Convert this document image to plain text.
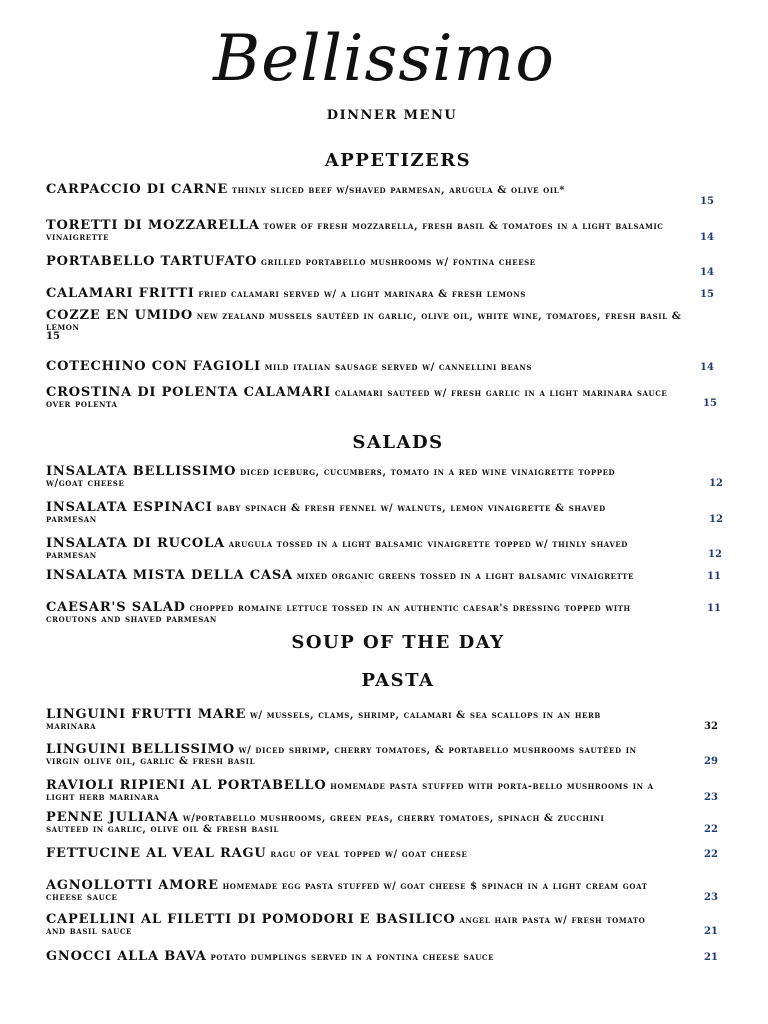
Bellissimo
DINNER MENU
APPETIZERS
CARPACCIO DI CARNE thinly sliced beef w/shaved parmesan, arugula & olive oil*
15
TORETTI DI MOZZARELLA tower of fresh mozzarella, fresh basil & tomatoes in a light balsamic vinaigrette	14
PORTABELLO TARTUFATO grilled portabello mushrooms w/ fontina cheese
14
CALAMARI FRITTI fried calamari served w/ a light marinara & fresh lemons	15
COZZE EN UMIDO new zealand mussels sautéed in garlic, olive oil, white wine, tomatoes, fresh basil & lemon
15
COTECHINO CON FAGIOLI mild italian sausage served w/ cannellini beans	14
CROSTINA DI POLENTA CALAMARI calamari sauteed w/ fresh garlic in a light marinara sauce over polenta	15
SALADS
INSALATA BELLISSIMO diced iceburg, cucumbers, tomato in a red wine vinaigrette topped w/goat cheese	12
INSALATA ESPINACI baby spinach & fresh fennel w/ walnuts, lemon vinaigrette & shaved parmesan	12
INSALATA DI RUCOLA arugula tossed in a light balsamic vinaigrette topped w/ thinly shaved parmesan	12
INSALATA MISTA DELLA CASA mixed organic greens tossed in a light balsamic vinaigrette	11
CAESAR'S SALAD chopped romaine lettuce tossed in an authentic caesar's dressing topped with croutons and shaved parmesan
11
SOUP OF THE DAY
PASTA
LINGUINI FRUTTI MARE w/ mussels, clams, shrimp, calamari & sea scallops in an herb marinara	32
LINGUINI BELLISSIMO w/ diced shrimp, cherry tomatoes, & portabello mushrooms sautéed in virgin olive oil, garlic & fresh basil	29
RAVIOLI RIPIENI AL PORTABELLO homemade pasta stuffed with porta-bello mushrooms in a light herb marinara	23
PENNE JULIANA w/portabello mushrooms, green peas, cherry tomatoes, spinach & zucchini sauteed in garlic, olive oil & fresh basil	22
FETTUCINE AL VEAL RAGU ragu of veal topped w/ goat cheese	22
AGNOLLOTTI AMORE homemade egg pasta stuffed w/ goat cheese $ spinach in a light cream goat cheese sauce	23
CAPELLINI AL FILETTI DI POMODORI E BASILICO angel hair pasta w/ fresh tomato and basil sauce	21
GNOCCI ALLA BAVA potato dumplings served in a fontina cheese sauce	21
